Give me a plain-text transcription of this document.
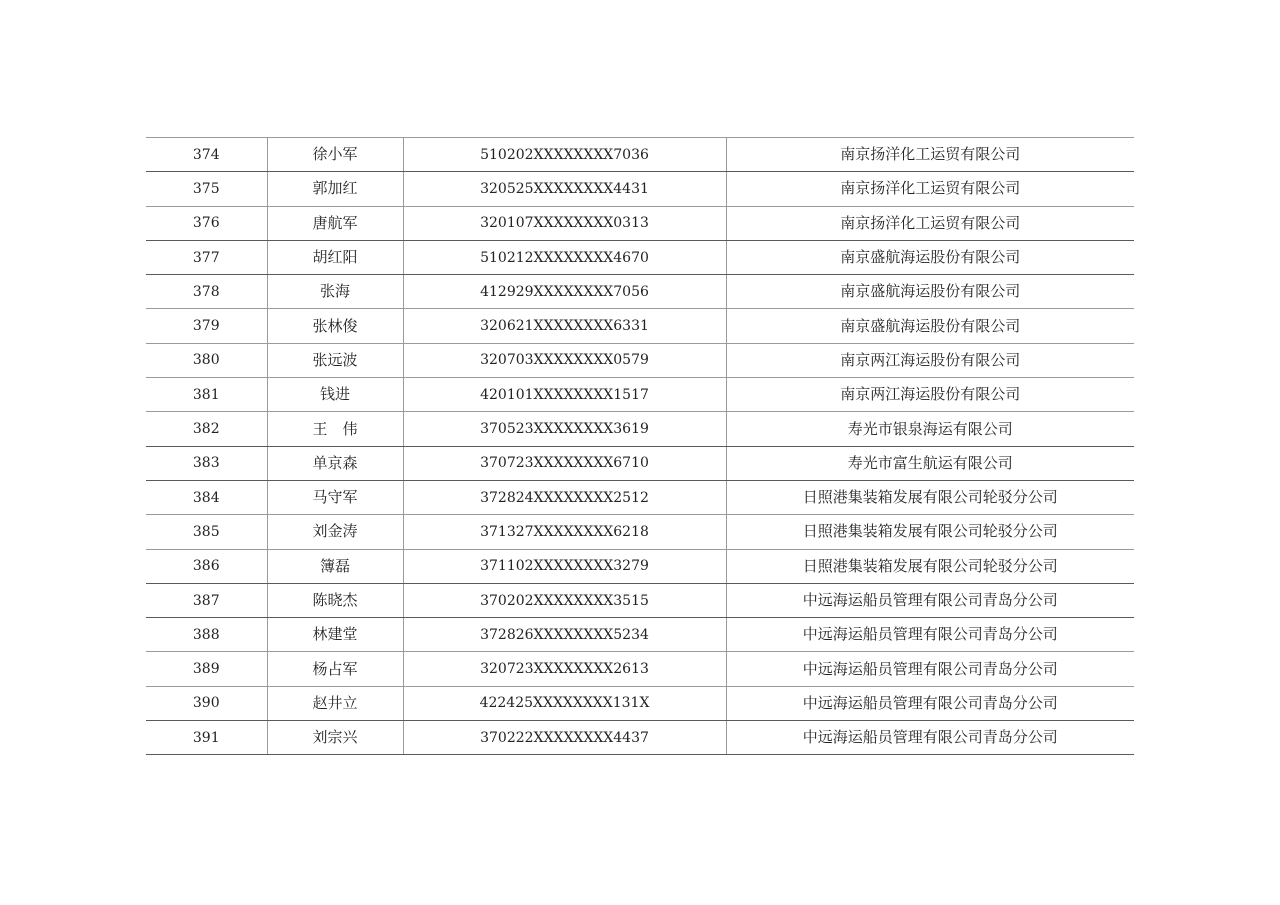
374	徐小军	510202XXXXXXXX7036	南京扬洋化工运贸有限公司
375	郭加红	320525XXXXXXXX4431	南京扬洋化工运贸有限公司
376	唐航军	320107XXXXXXXX0313	南京扬洋化工运贸有限公司
377	胡红阳	510212XXXXXXXX4670	南京盛航海运股份有限公司
378	张海	412929XXXXXXXX7056	南京盛航海运股份有限公司
379	张林俊	320621XXXXXXXX6331	南京盛航海运股份有限公司
380	张远波	320703XXXXXXXX0579	南京两江海运股份有限公司
381	钱进	420101XXXXXXXX1517	南京两江海运股份有限公司
382	王　伟	370523XXXXXXXX3619	寿光市银泉海运有限公司
383	单京森	370723XXXXXXXX6710	寿光市富生航运有限公司
384	马守军	372824XXXXXXXX2512	日照港集装箱发展有限公司轮驳分公司
385	刘金涛	371327XXXXXXXX6218	日照港集装箱发展有限公司轮驳分公司
386	簿磊	371102XXXXXXXX3279	日照港集装箱发展有限公司轮驳分公司
387	陈晓杰	370202XXXXXXXX3515	中远海运船员管理有限公司青岛分公司
388	林建堂	372826XXXXXXXX5234	中远海运船员管理有限公司青岛分公司
389	杨占军	320723XXXXXXXX2613	中远海运船员管理有限公司青岛分公司
390	赵井立	422425XXXXXXXX131X	中远海运船员管理有限公司青岛分公司
391	刘宗兴	370222XXXXXXXX4437	中远海运船员管理有限公司青岛分公司
